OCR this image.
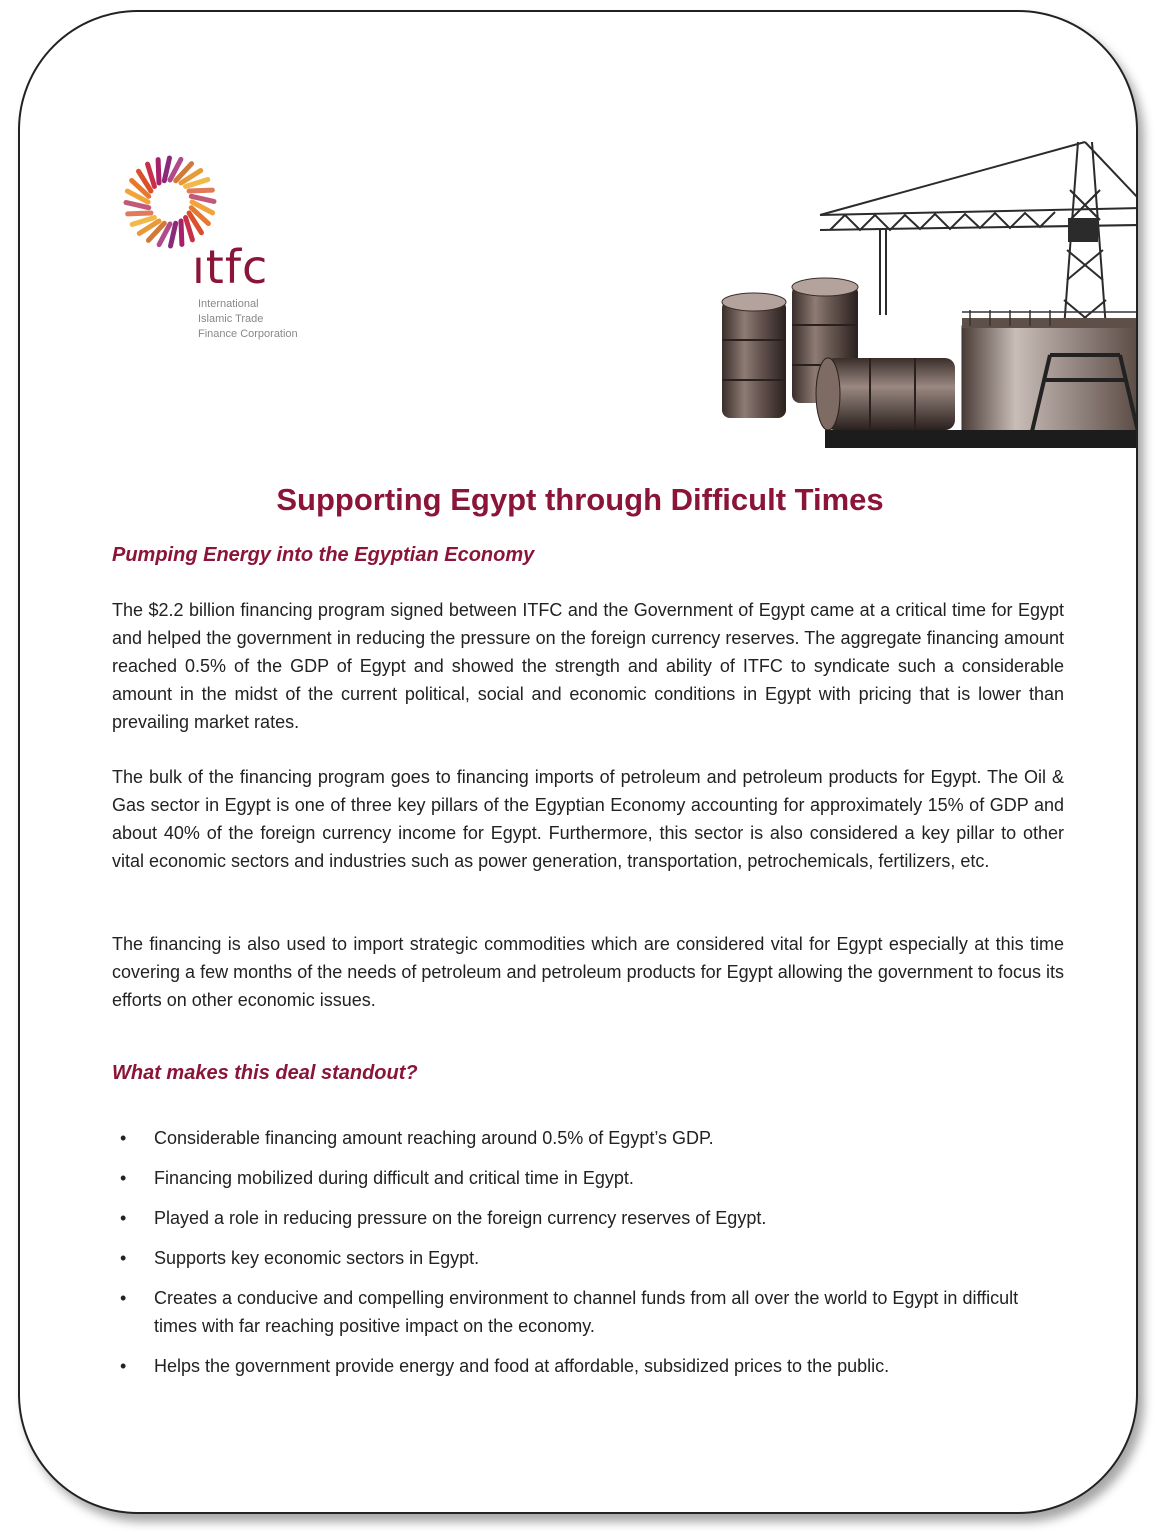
ıtfc
International
Islamic Trade
Finance Corporation
Supporting Egypt through Difficult Times
Pumping Energy into the Egyptian Economy

The $2.2 billion financing program signed between ITFC and the Government of Egypt came at a critical time for Egypt and helped the government in reducing the pressure on the foreign currency reserves. The aggregate financing amount reached 0.5% of the GDP of Egypt and showed the strength and ability of ITFC to syndicate such a considerable amount in the midst of the current political, social and economic conditions in Egypt with pricing that is lower than prevailing market rates.

The bulk of the financing program goes to financing imports of petroleum and petroleum products for Egypt. The Oil & Gas sector in Egypt is one of three key pillars of the Egyptian Economy accounting for approximately 15% of GDP and about 40% of the foreign currency income for Egypt. Furthermore, this sector is also considered a key pillar to other vital economic sectors and industries such as power generation, transportation, petrochemicals, fertilizers, etc.

The financing is also used to import strategic commodities which are considered vital for Egypt especially at this time covering a few months of the needs of petroleum and petroleum products for Egypt allowing the government to focus its efforts on other economic issues.

What makes this deal standout?
• Considerable financing amount reaching around 0.5% of Egypt’s GDP.
• Financing mobilized during difficult and critical time in Egypt.
• Played a role in reducing pressure on the foreign currency reserves of Egypt.
• Supports key economic sectors in Egypt.
• Creates a conducive and compelling environment to channel funds from all over the world to Egypt in difficult times with far reaching positive impact on the economy.
• Helps the government provide energy and food at affordable, subsidized prices to the public.
